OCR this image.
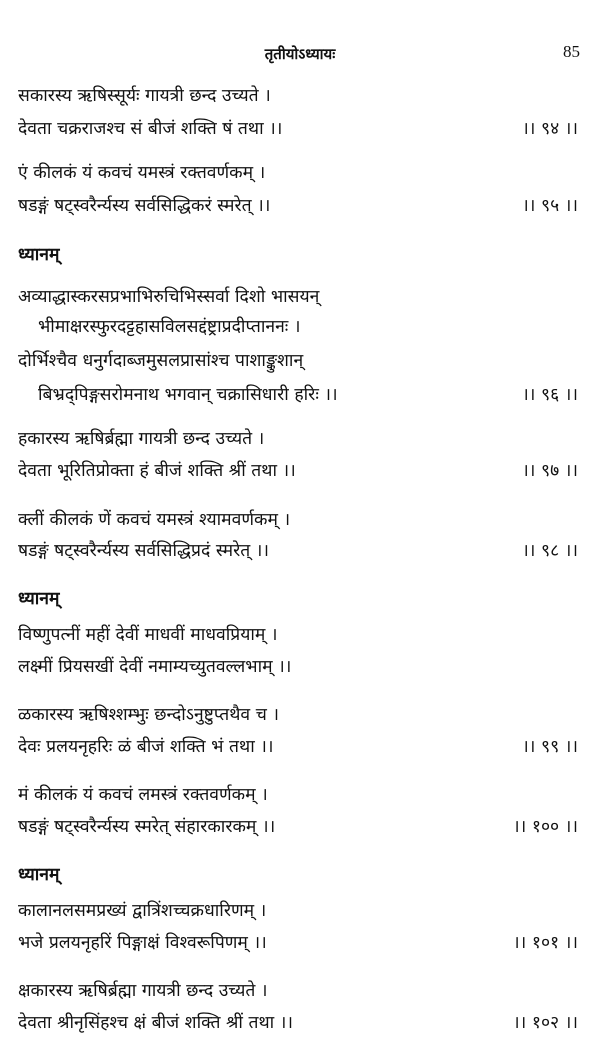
तृतीयोऽध्यायः	85
सकारस्य ऋषिस्सूर्यः गायत्री छन्द उच्यते ।
देवता चक्रराजश्च सं बीजं शक्ति षं तथा ।।	।। ९४ ।।
एं कीलकं यं कवचं यमस्त्रं रक्तवर्णकम् ।
षडङ्गं षट्स्वरैर्न्यस्य सर्वसिद्धिकरं स्मरेत् ।।	।। ९५ ।।
ध्यानम्
अव्याद्धास्करसप्रभाभिरुचिभिस्सर्वा दिशो भासयन्
भीमाक्षरस्फुरदट्टहासविलसद्दंष्ट्राप्रदीप्ताननः ।
दोर्भिश्चैव धनुर्गदाब्जमुसलप्रासांश्च पाशाङ्कुशान्
बिभ्रद्पिङ्गसरोमनाथ भगवान् चक्रासिधारी हरिः ।।	।। ९६ ।।
हकारस्य ऋषिर्ब्रह्मा गायत्री छन्द उच्यते ।
देवता भूरितिप्रोक्ता हं बीजं शक्ति श्रीं तथा ।।	।। ९७ ।।
क्लीं कीलकं णें कवचं यमस्त्रं श्यामवर्णकम् ।
षडङ्गं षट्स्वरैर्न्यस्य सर्वसिद्धिप्रदं स्मरेत् ।।	।। ९८ ।।
ध्यानम्
विष्णुपत्नीं महीं देवीं माधवीं माधवप्रियाम् ।
लक्ष्मीं प्रियसखीं देवीं नमाम्यच्युतवल्लभाम् ।।
ळकारस्य ऋषिश्शम्भुः छन्दोऽनुष्टुप्तथैव च ।
देवः प्रलयनृहरिः ळं बीजं शक्ति भं तथा ।।	।। ९९ ।।
मं कीलकं यं कवचं लमस्त्रं रक्तवर्णकम् ।
षडङ्गं षट्स्वरैर्न्यस्य स्मरेत् संहारकारकम् ।।	।। १०० ।।
ध्यानम्
कालानलसमप्रख्यं द्वात्रिंशच्चक्रधारिणम् ।
भजे प्रलयनृहरिं पिङ्गाक्षं विश्वरूपिणम् ।।	।। १०१ ।।
क्षकारस्य ऋषिर्ब्रह्मा गायत्री छन्द उच्यते ।
देवता श्रीनृसिंहश्च क्षं बीजं शक्ति श्रीं तथा ।।	।। १०२ ।।
